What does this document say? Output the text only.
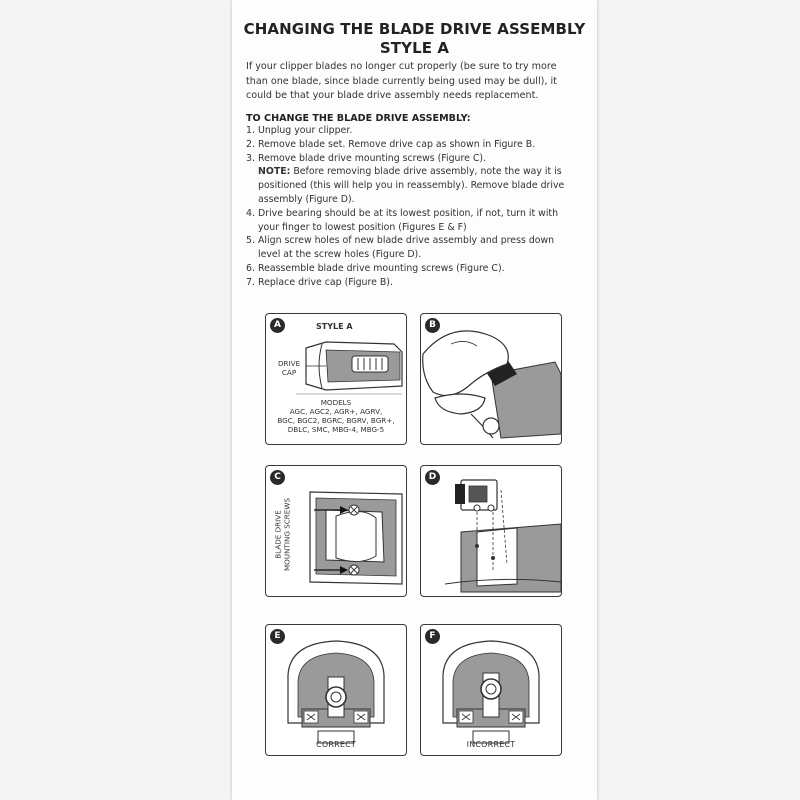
CHANGING THE BLADE DRIVE ASSEMBLY
STYLE A
If your clipper blades no longer cut properly (be sure to try more
than one blade, since blade currently being used may be dull), it
could be that your blade drive assembly needs replacement.
TO CHANGE THE BLADE DRIVE ASSEMBLY:
1. Unplug your clipper.
2. Remove blade set. Remove drive cap as shown in Figure B.
3. Remove blade drive mounting screws (Figure C).
NOTE: Before removing blade drive assembly, note the way it is
positioned (this will help you in reassembly). Remove blade drive
assembly (Figure D).
4. Drive bearing should be at its lowest position, if not, turn it with
your finger to lowest position (Figures E & F)
5. Align screw holes of new blade drive assembly and press down
level at the screw holes (Figure D).
6. Reassemble blade drive mounting screws (Figure C).
7. Replace drive cap (Figure B).
A	STYLE A
DRIVE
CAP
MODELS
AGC, AGC2, AGR+, AGRV,
BGC, BGC2, BGRC, BGRV, BGR+,
DBLC, SMC, MBG-4, MBG-5
B
C
BLADE DRIVE
MOUNTING SCREWS
D
E
CORRECT
F
INCORRECT
